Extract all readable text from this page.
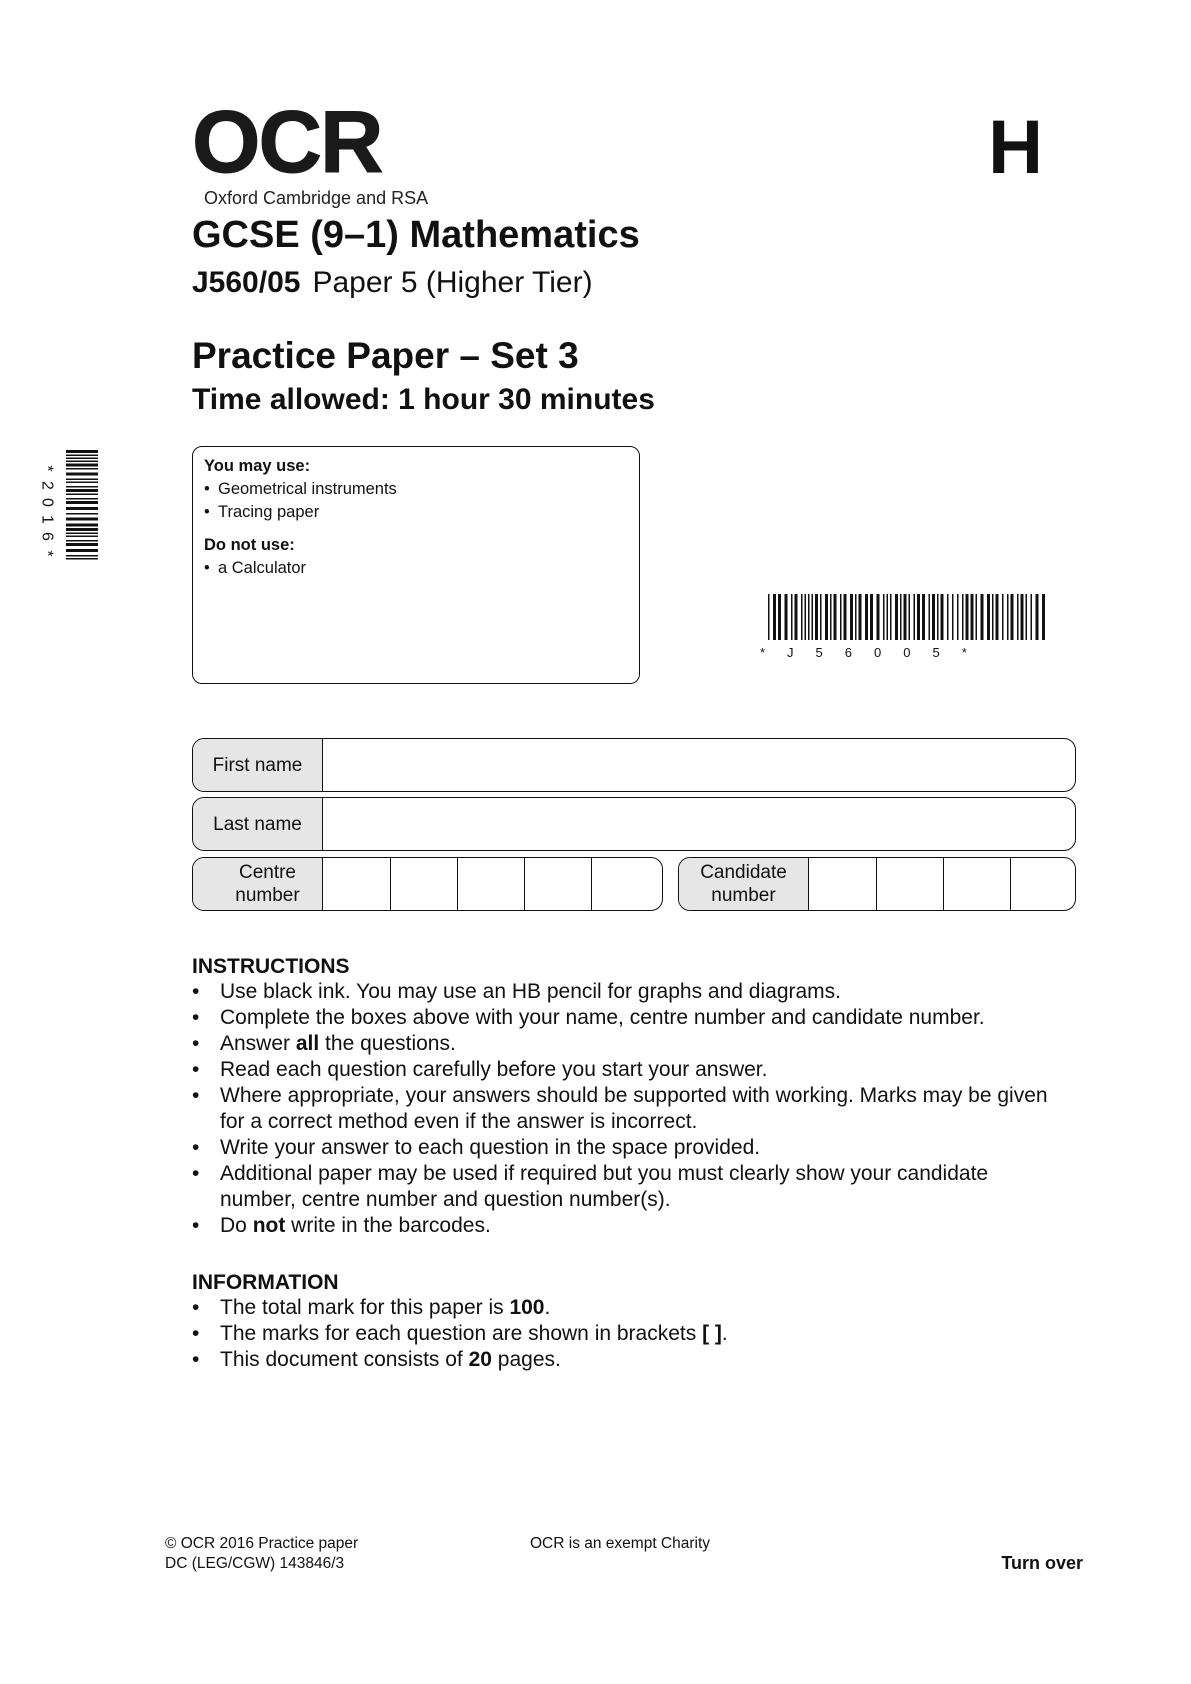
OCR
Oxford Cambridge and RSA
H
GCSE (9–1) Mathematics
J560/05 Paper 5 (Higher Tier)
Practice Paper – Set 3
Time allowed: 1 hour 30 minutes
*
2
0
1
6
*
You may use:
• Geometrical instruments
• Tracing paper
Do not use:
• a Calculator
*J56005*
First name
Last name
Centre
number
Candidate
number
INSTRUCTIONS
• Use black ink. You may use an HB pencil for graphs and diagrams.
• Complete the boxes above with your name, centre number and candidate number.
• Answer all the questions.
• Read each question carefully before you start your answer.
• Where appropriate, your answers should be supported with working. Marks may be given for a correct method even if the answer is incorrect.
• Write your answer to each question in the space provided.
• Additional paper may be used if required but you must clearly show your candidate number, centre number and question number(s).
• Do not write in the barcodes.
INFORMATION
• The total mark for this paper is 100.
• The marks for each question are shown in brackets [ ].
• This document consists of 20 pages.
© OCR 2016 Practice paper
DC (LEG/CGW) 143846/3
OCR is an exempt Charity
Turn over
